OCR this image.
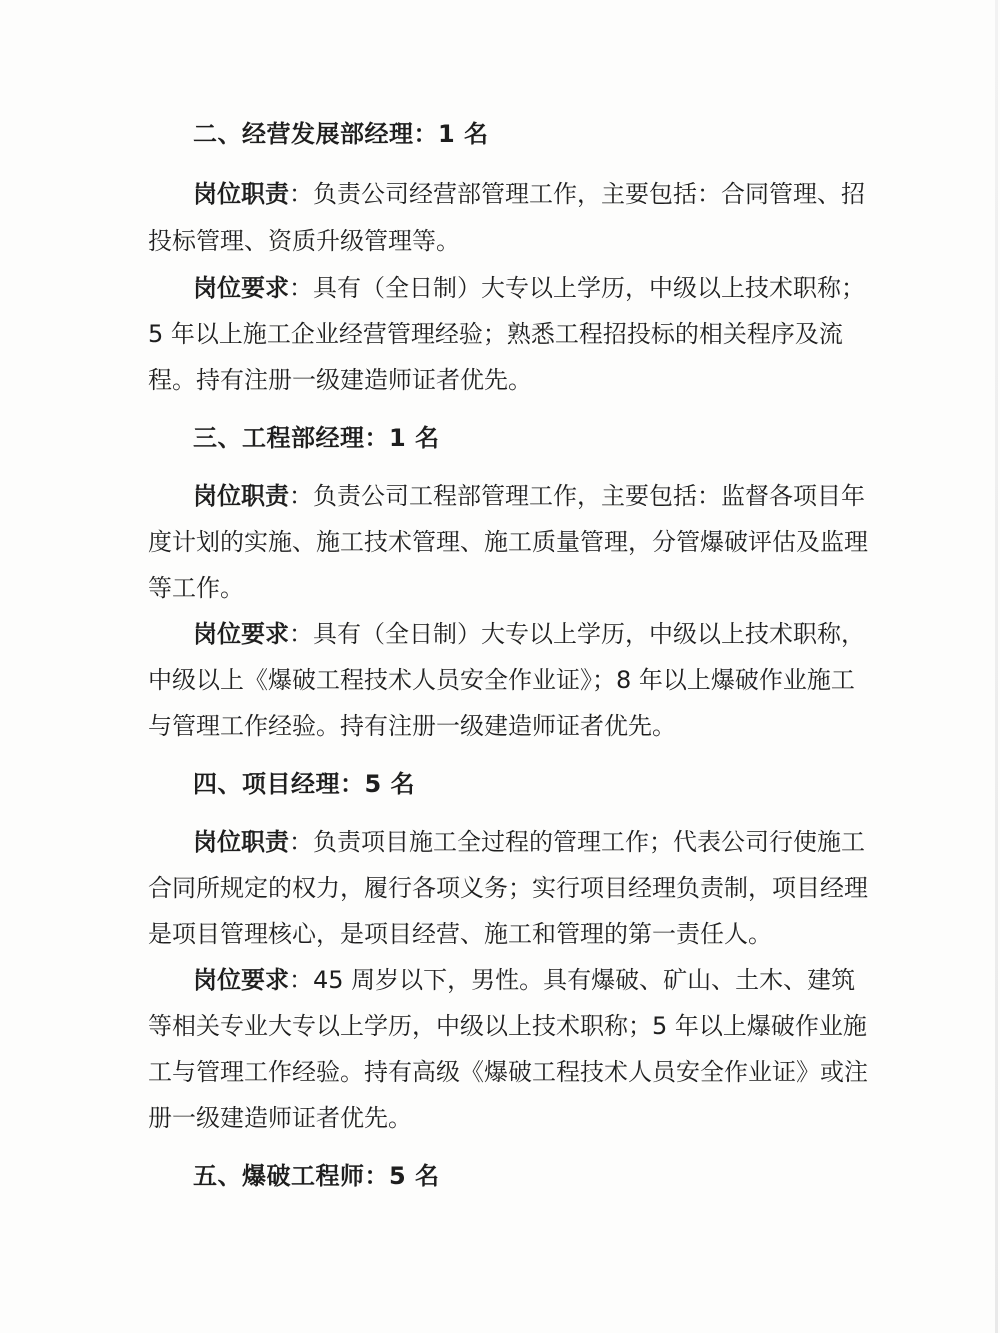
二、经营发展部经理：1 名
岗位职责：负责公司经营部管理工作，主要包括：合同管理、招
投标管理、资质升级管理等。
岗位要求：具有（全日制）大专以上学历，中级以上技术职称；
5 年以上施工企业经营管理经验；熟悉工程招投标的相关程序及流
程。持有注册一级建造师证者优先。
三、工程部经理：1 名
岗位职责：负责公司工程部管理工作，主要包括：监督各项目年
度计划的实施、施工技术管理、施工质量管理，分管爆破评估及监理
等工作。
岗位要求：具有（全日制）大专以上学历，中级以上技术职称，
中级以上《爆破工程技术人员安全作业证》；8 年以上爆破作业施工
与管理工作经验。持有注册一级建造师证者优先。
四、项目经理：5 名
岗位职责：负责项目施工全过程的管理工作；代表公司行使施工
合同所规定的权力，履行各项义务；实行项目经理负责制，项目经理
是项目管理核心，是项目经营、施工和管理的第一责任人。
岗位要求：45 周岁以下，男性。具有爆破、矿山、土木、建筑
等相关专业大专以上学历，中级以上技术职称；5 年以上爆破作业施
工与管理工作经验。持有高级《爆破工程技术人员安全作业证》或注
册一级建造师证者优先。
五、爆破工程师：5 名
